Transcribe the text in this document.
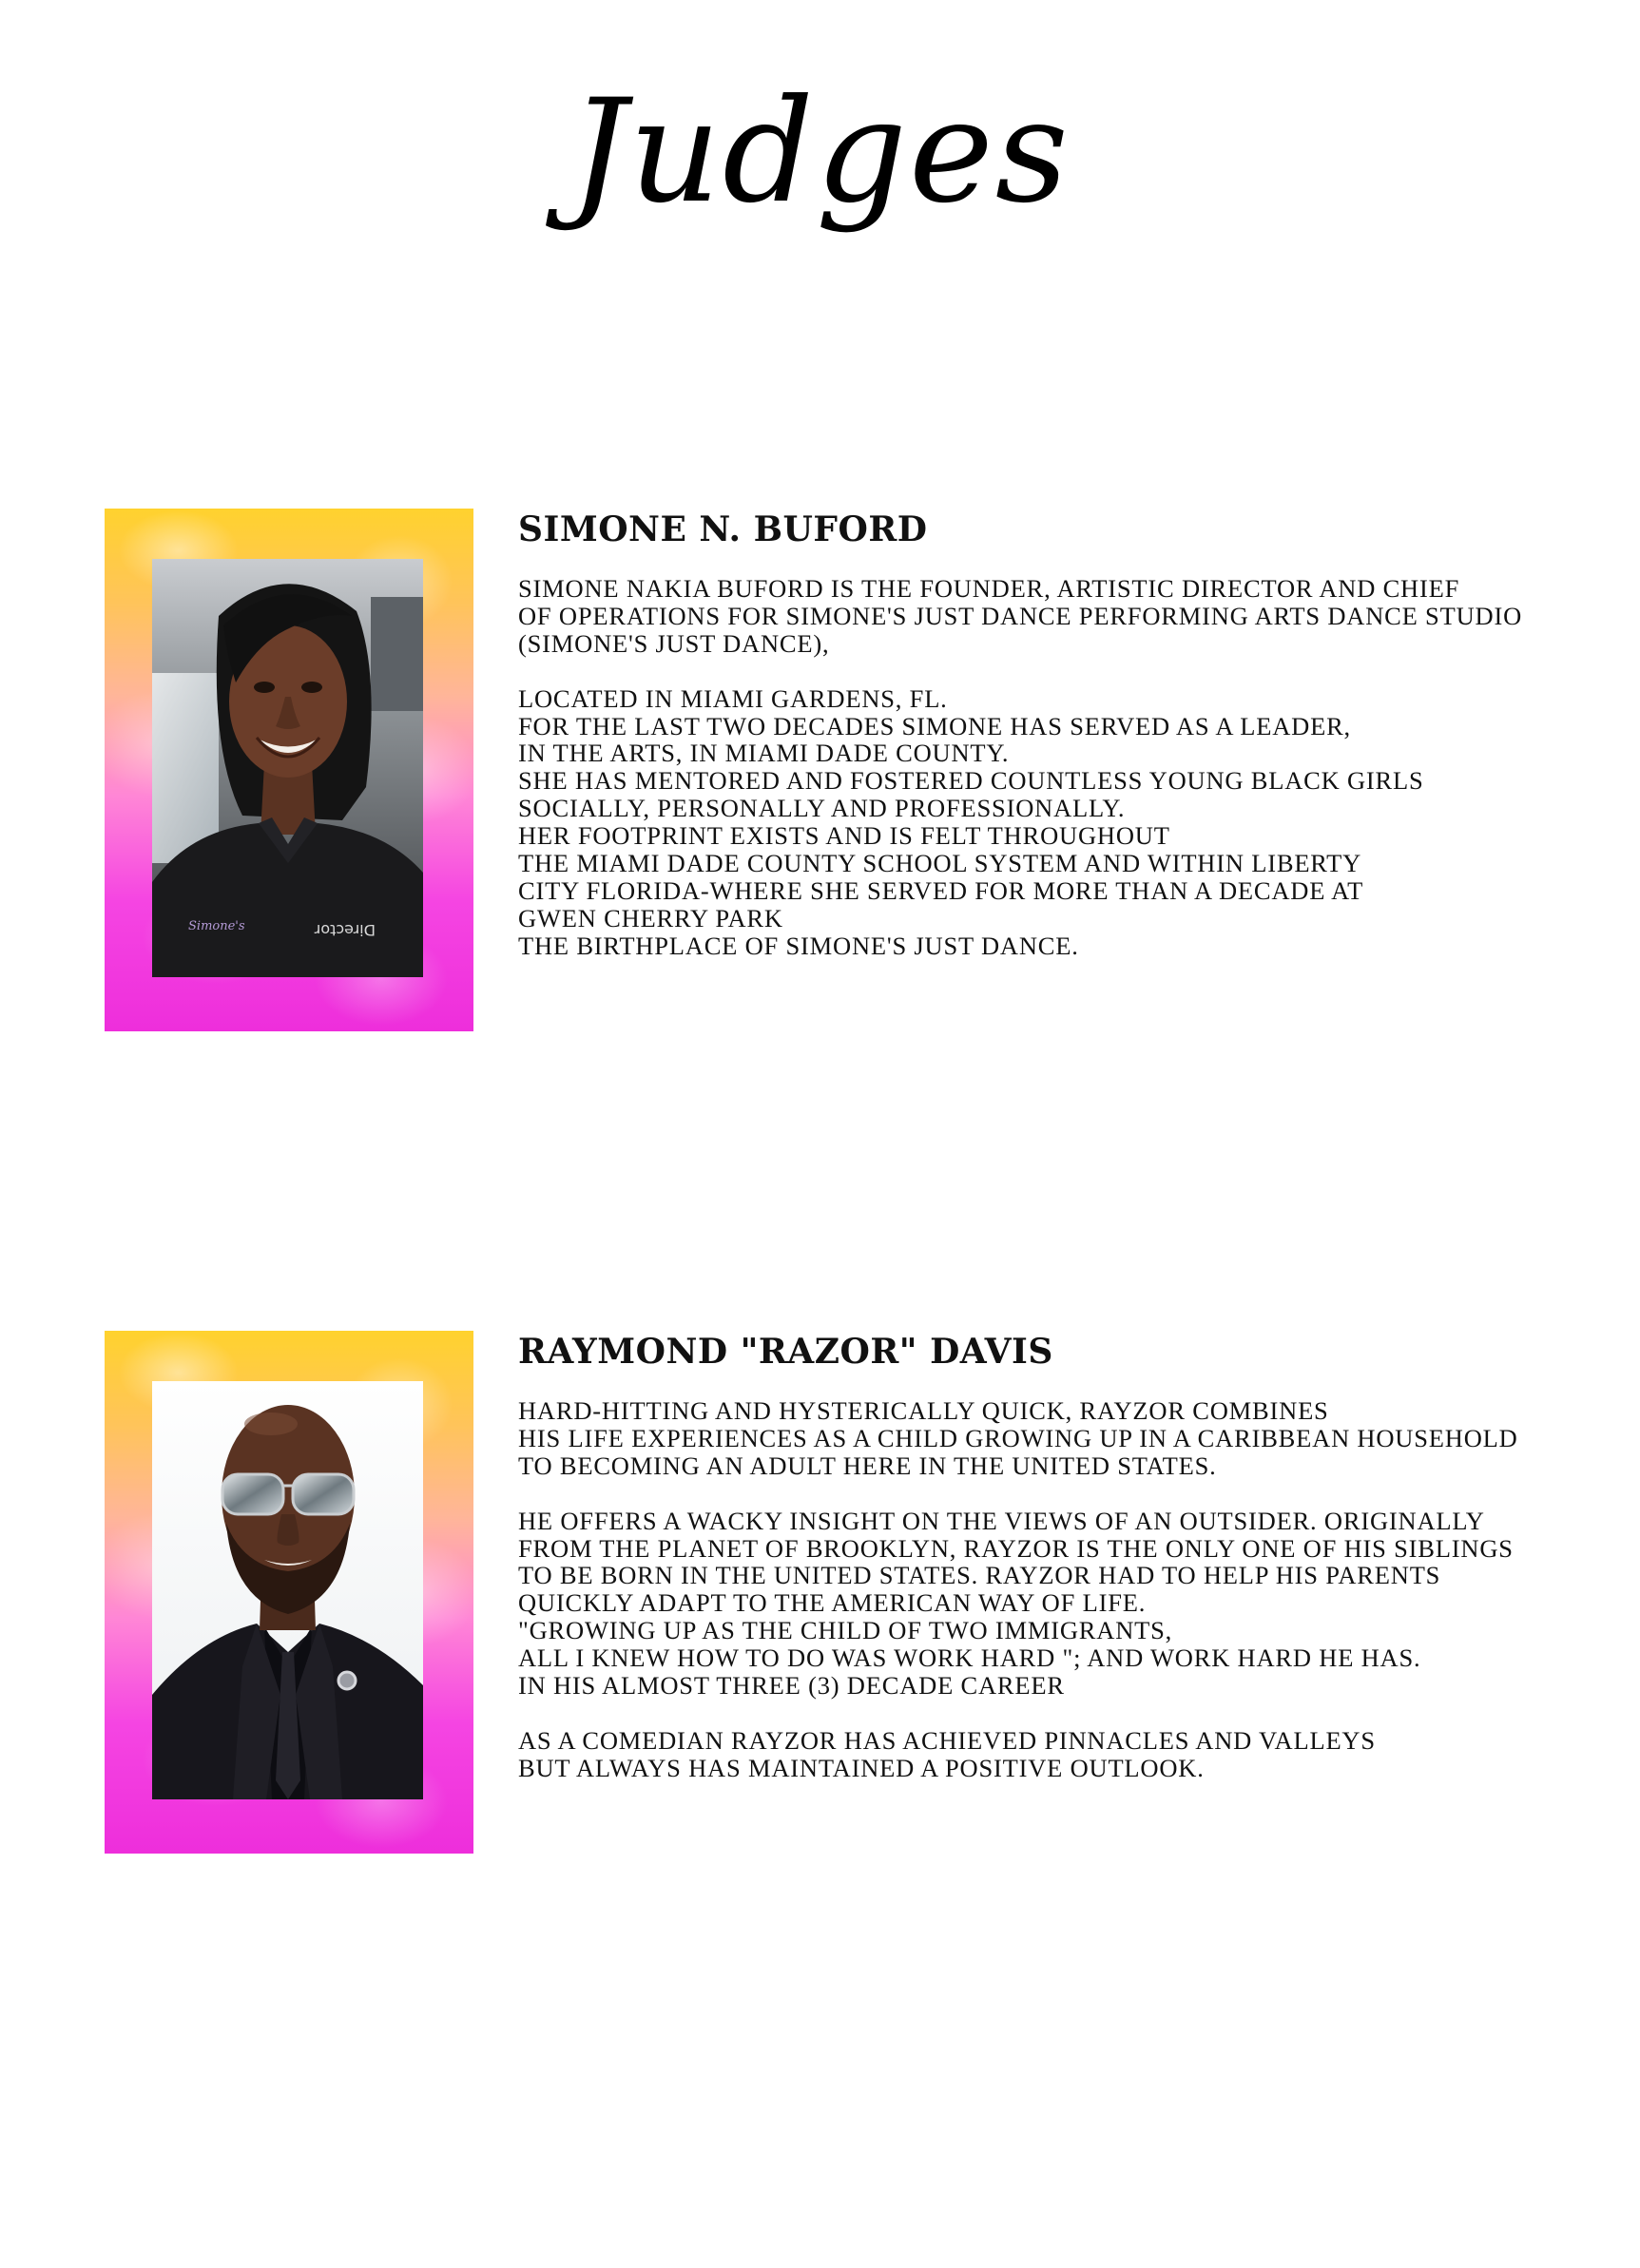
Judges
Director
Simone's
SIMONE N. BUFORD
SIMONE NAKIA BUFORD IS THE FOUNDER, ARTISTIC DIRECTOR AND CHIEF
OF OPERATIONS FOR SIMONE'S JUST DANCE PERFORMING ARTS DANCE STUDIO
(SIMONE'S JUST DANCE),
LOCATED IN MIAMI GARDENS, FL.
FOR THE LAST TWO DECADES SIMONE HAS SERVED AS A LEADER,
IN THE ARTS, IN MIAMI DADE COUNTY.
SHE HAS MENTORED AND FOSTERED COUNTLESS YOUNG BLACK GIRLS
SOCIALLY, PERSONALLY AND PROFESSIONALLY.
HER FOOTPRINT EXISTS AND IS FELT THROUGHOUT
THE MIAMI DADE COUNTY SCHOOL SYSTEM AND WITHIN LIBERTY
CITY FLORIDA-WHERE SHE SERVED FOR MORE THAN A DECADE AT
GWEN CHERRY PARK
THE BIRTHPLACE OF SIMONE'S JUST DANCE.
RAYMOND "RAZOR" DAVIS
HARD-HITTING AND HYSTERICALLY QUICK, RAYZOR COMBINES
HIS LIFE EXPERIENCES AS A CHILD GROWING UP IN A CARIBBEAN HOUSEHOLD
TO BECOMING AN ADULT HERE IN THE UNITED STATES.
HE OFFERS A WACKY INSIGHT ON THE VIEWS OF AN OUTSIDER. ORIGINALLY
FROM THE PLANET OF BROOKLYN, RAYZOR IS THE ONLY ONE OF HIS SIBLINGS
TO BE BORN IN THE UNITED STATES. RAYZOR HAD TO HELP HIS PARENTS
QUICKLY ADAPT TO THE AMERICAN WAY OF LIFE.
"GROWING UP AS THE CHILD OF TWO IMMIGRANTS,
ALL I KNEW HOW TO DO WAS WORK HARD "; AND WORK HARD HE HAS.
IN HIS ALMOST THREE (3) DECADE CAREER
AS A COMEDIAN RAYZOR HAS ACHIEVED PINNACLES AND VALLEYS
BUT ALWAYS HAS MAINTAINED A POSITIVE OUTLOOK.
